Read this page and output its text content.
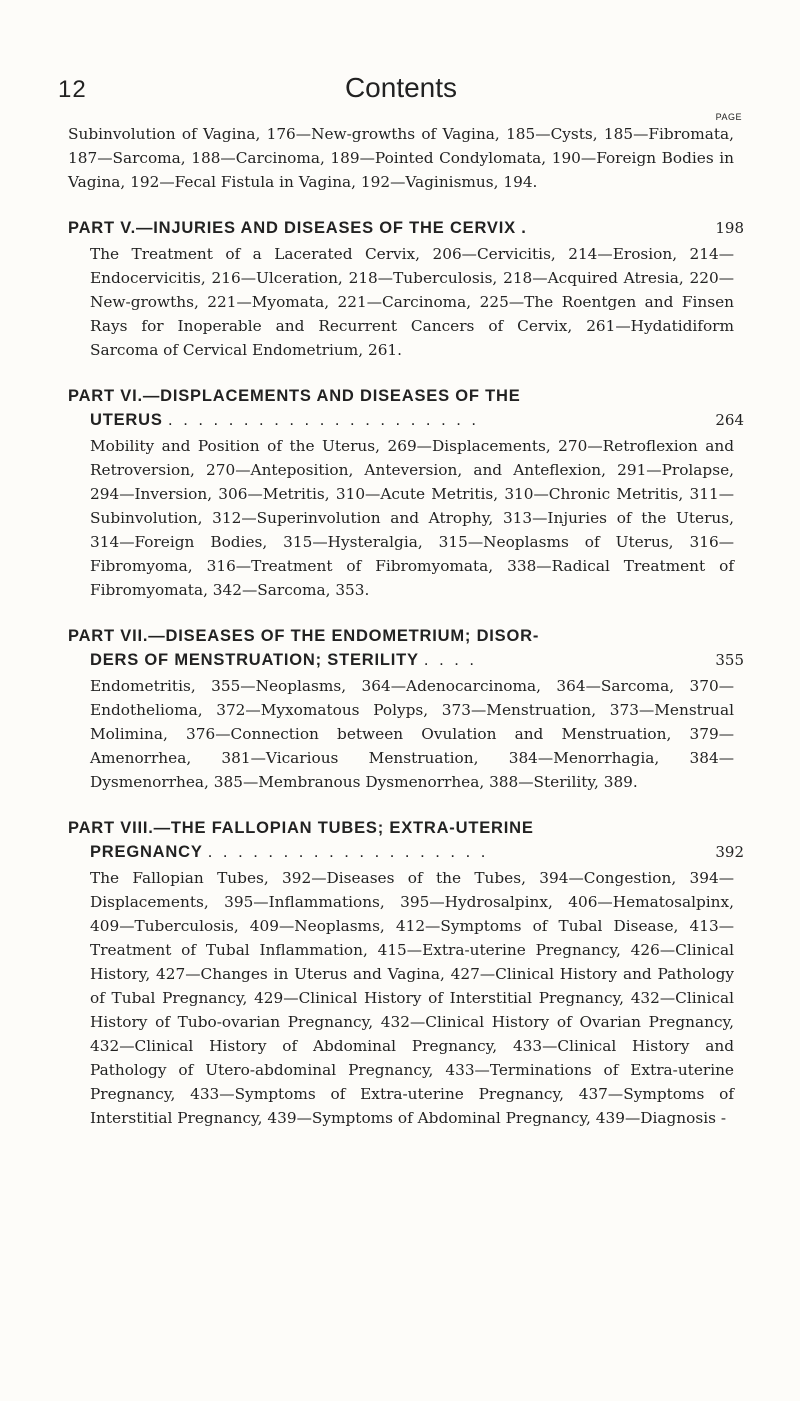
12	Contents
PAGE

Subinvolution of Vagina, 176—New-growths of Vagina, 185—Cysts, 185—Fibromata, 187—Sarcoma, 188—Carcinoma, 189—Pointed Condylomata, 190—Foreign Bodies in Vagina, 192—Fecal Fistula in Vagina, 192—Vaginismus, 194.

PART V.—INJURIES AND DISEASES OF THE CERVIX .	198

The Treatment of a Lacerated Cervix, 206—Cervicitis, 214—Erosion, 214—Endocervicitis, 216—Ulceration, 218—Tuberculosis, 218—Acquired Atresia, 220—New-growths, 221—Myomata, 221—Carcinoma, 225—The Roentgen and Finsen Rays for Inoperable and Recurrent Cancers of Cervix, 261—Hydatidiform Sarcoma of Cervical Endometrium, 261.

PART VI.—DISPLACEMENTS AND DISEASES OF THE
UTERUS . . . . . . . . . . . . . . . . . . . . .	264

Mobility and Position of the Uterus, 269—Displacements, 270—Retroflexion and Retroversion, 270—Anteposition, Anteversion, and Anteflexion, 291—Prolapse, 294—Inversion, 306—Metritis, 310—Acute Metritis, 310—Chronic Metritis, 311—Subinvolution, 312—Superinvolution and Atrophy, 313—Injuries of the Uterus, 314—Foreign Bodies, 315—Hysteralgia, 315—Neoplasms of Uterus, 316—Fibromyoma, 316—Treatment of Fibromyomata, 338—Radical Treatment of Fibromyomata, 342—Sarcoma, 353.

PART VII.—DISEASES OF THE ENDOMETRIUM; DISOR-
DERS OF MENSTRUATION; STERILITY . . . .	355

Endometritis, 355—Neoplasms, 364—Adenocarcinoma, 364—Sarcoma, 370—Endothelioma, 372—Myxomatous Polyps, 373—Menstruation, 373—Menstrual Molimina, 376—Connection between Ovulation and Menstruation, 379—Amenorrhea, 381—Vicarious Menstruation, 384—Menorrhagia, 384—Dysmenorrhea, 385—Membranous Dysmenorrhea, 388—Sterility, 389.

PART VIII.—THE FALLOPIAN TUBES; EXTRA-UTERINE
PREGNANCY . . . . . . . . . . . . . . . . . . .	392

The Fallopian Tubes, 392—Diseases of the Tubes, 394—Congestion, 394—Displacements, 395—Inflammations, 395—Hydrosalpinx, 406—Hematosalpinx, 409—Tuberculosis, 409—Neoplasms, 412—Symptoms of Tubal Disease, 413—Treatment of Tubal Inflammation, 415—Extra-uterine Pregnancy, 426—Clinical History, 427—Changes in Uterus and Vagina, 427—Clinical History and Pathology of Tubal Pregnancy, 429—Clinical History of Interstitial Pregnancy, 432—Clinical History of Tubo-ovarian Pregnancy, 432—Clinical History of Ovarian Pregnancy, 432—Clinical History of Abdominal Pregnancy, 433—Clinical History and Pathology of Utero-abdominal Pregnancy, 433—Terminations of Extra-uterine Pregnancy, 433—Symptoms of Extra-uterine Pregnancy, 437—Symptoms of Interstitial Pregnancy, 439—Symptoms of Abdominal Pregnancy, 439—Diagnosis -
